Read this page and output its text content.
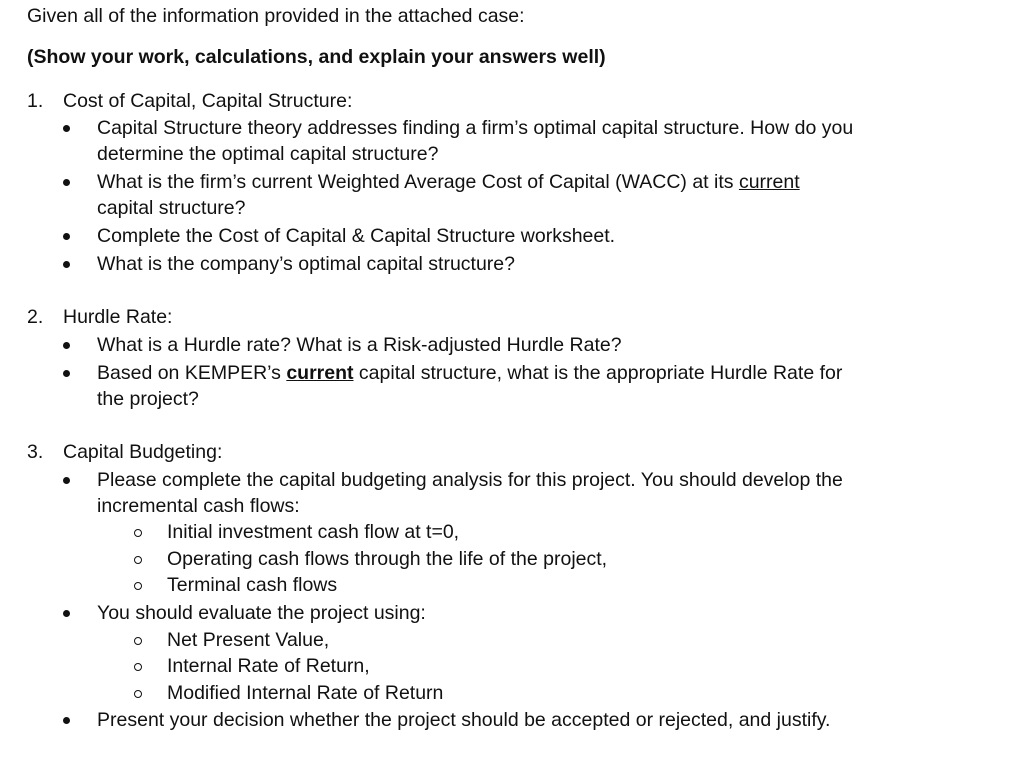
Given all of the information provided in the attached case:
(Show your work, calculations, and explain your answers well)
1. Cost of Capital, Capital Structure:
Capital Structure theory addresses finding a firm’s optimal capital structure. How do you
determine the optimal capital structure?
What is the firm’s current Weighted Average Cost of Capital (WACC) at its current
capital structure?
Complete the Cost of Capital & Capital Structure worksheet.
What is the company’s optimal capital structure?
2. Hurdle Rate:
What is a Hurdle rate? What is a Risk-adjusted Hurdle Rate?
Based on KEMPER’s current capital structure, what is the appropriate Hurdle Rate for
the project?
3. Capital Budgeting:
Please complete the capital budgeting analysis for this project. You should develop the
incremental cash flows:
Initial investment cash flow at t=0,
Operating cash flows through the life of the project,
Terminal cash flows
You should evaluate the project using:
Net Present Value,
Internal Rate of Return,
Modified Internal Rate of Return
Present your decision whether the project should be accepted or rejected, and justify.
